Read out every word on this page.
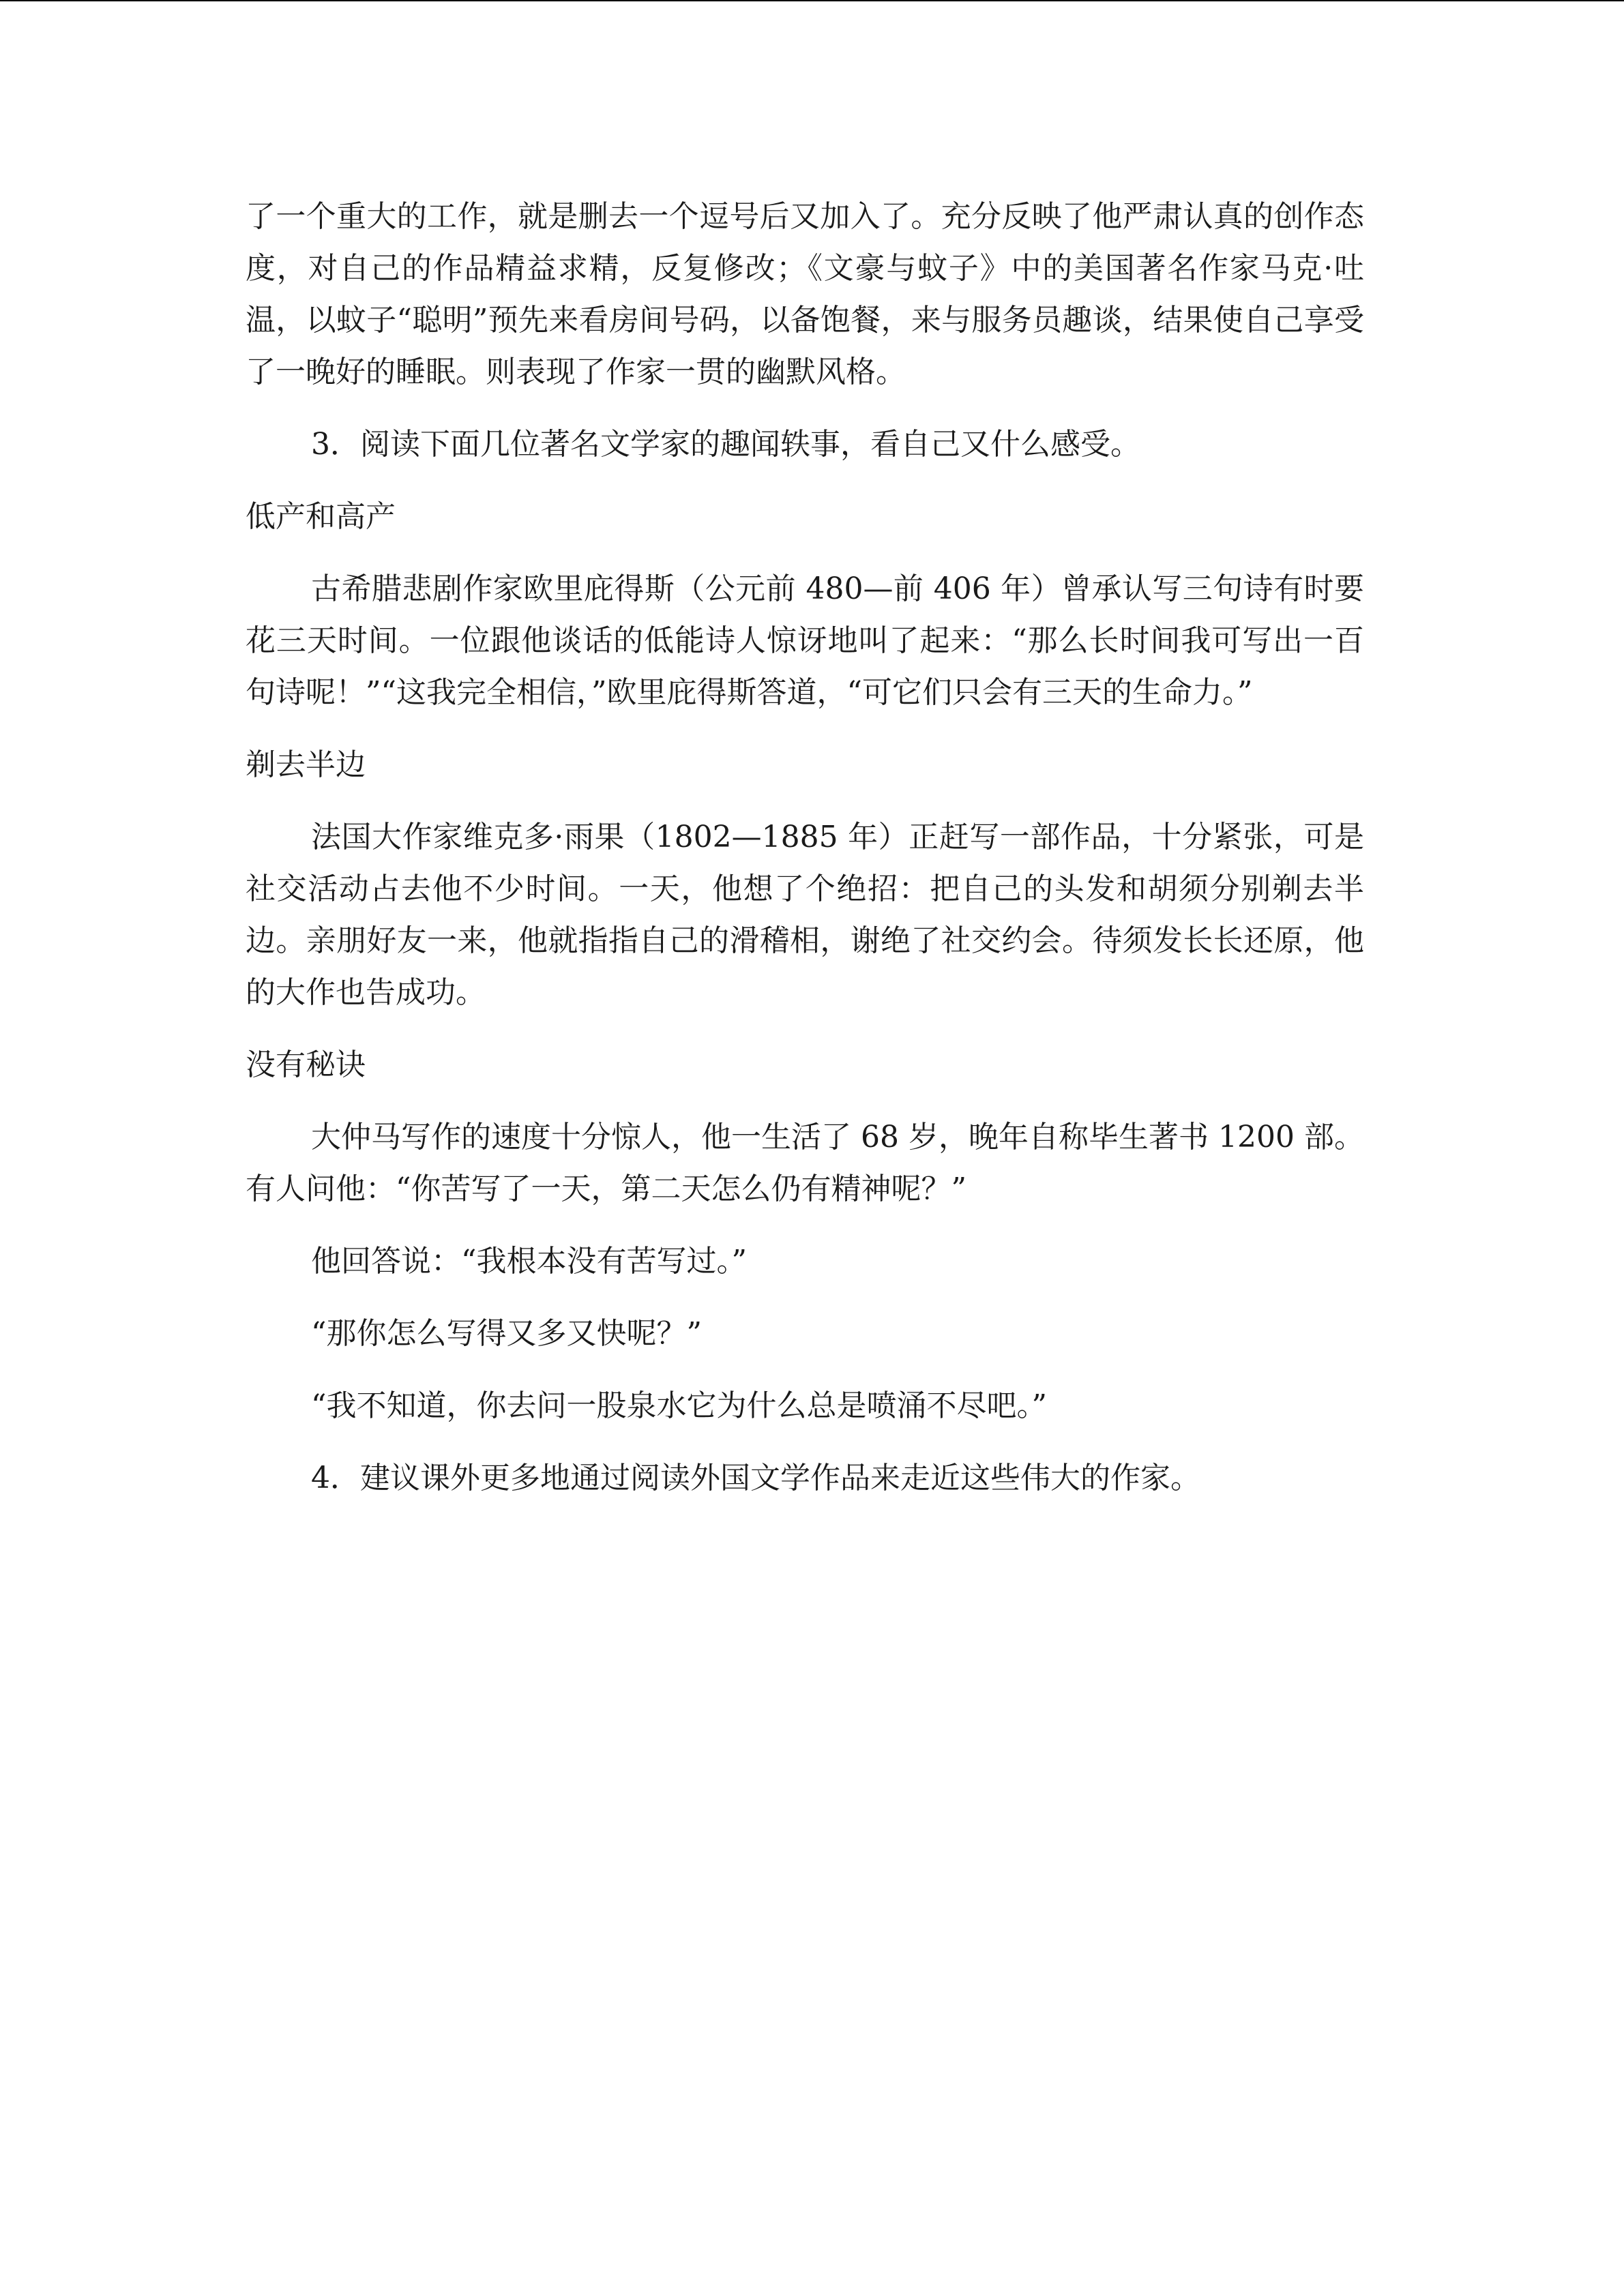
了一个重大的工作，就是删去一个逗号后又加入了。充分反映了他严肃认真的创作态度，对自己的作品精益求精，反复修改；《文豪与蚊子》中的美国著名作家马克·吐温，以蚊子“聪明”预先来看房间号码，以备饱餐，来与服务员趣谈，结果使自己享受了一晚好的睡眠。则表现了作家一贯的幽默风格。

3．阅读下面几位著名文学家的趣闻轶事，看自己又什么感受。

低产和高产

古希腊悲剧作家欧里庇得斯（公元前 480—前 406 年）曾承认写三句诗有时要花三天时间。一位跟他谈话的低能诗人惊讶地叫了起来：“那么长时间我可写出一百句诗呢！”“这我完全相信，”欧里庇得斯答道，“可它们只会有三天的生命力。”

剃去半边

法国大作家维克多·雨果（1802—1885 年）正赶写一部作品，十分紧张，可是社交活动占去他不少时间。一天，他想了个绝招：把自己的头发和胡须分别剃去半边。亲朋好友一来，他就指指自己的滑稽相，谢绝了社交约会。待须发长长还原，他的大作也告成功。

没有秘诀

大仲马写作的速度十分惊人，他一生活了 68 岁，晚年自称毕生著书 1200 部。有人问他：“你苦写了一天，第二天怎么仍有精神呢？”

他回答说：“我根本没有苦写过。”

“那你怎么写得又多又快呢？”

“我不知道，你去问一股泉水它为什么总是喷涌不尽吧。”

4．建议课外更多地通过阅读外国文学作品来走近这些伟大的作家。
